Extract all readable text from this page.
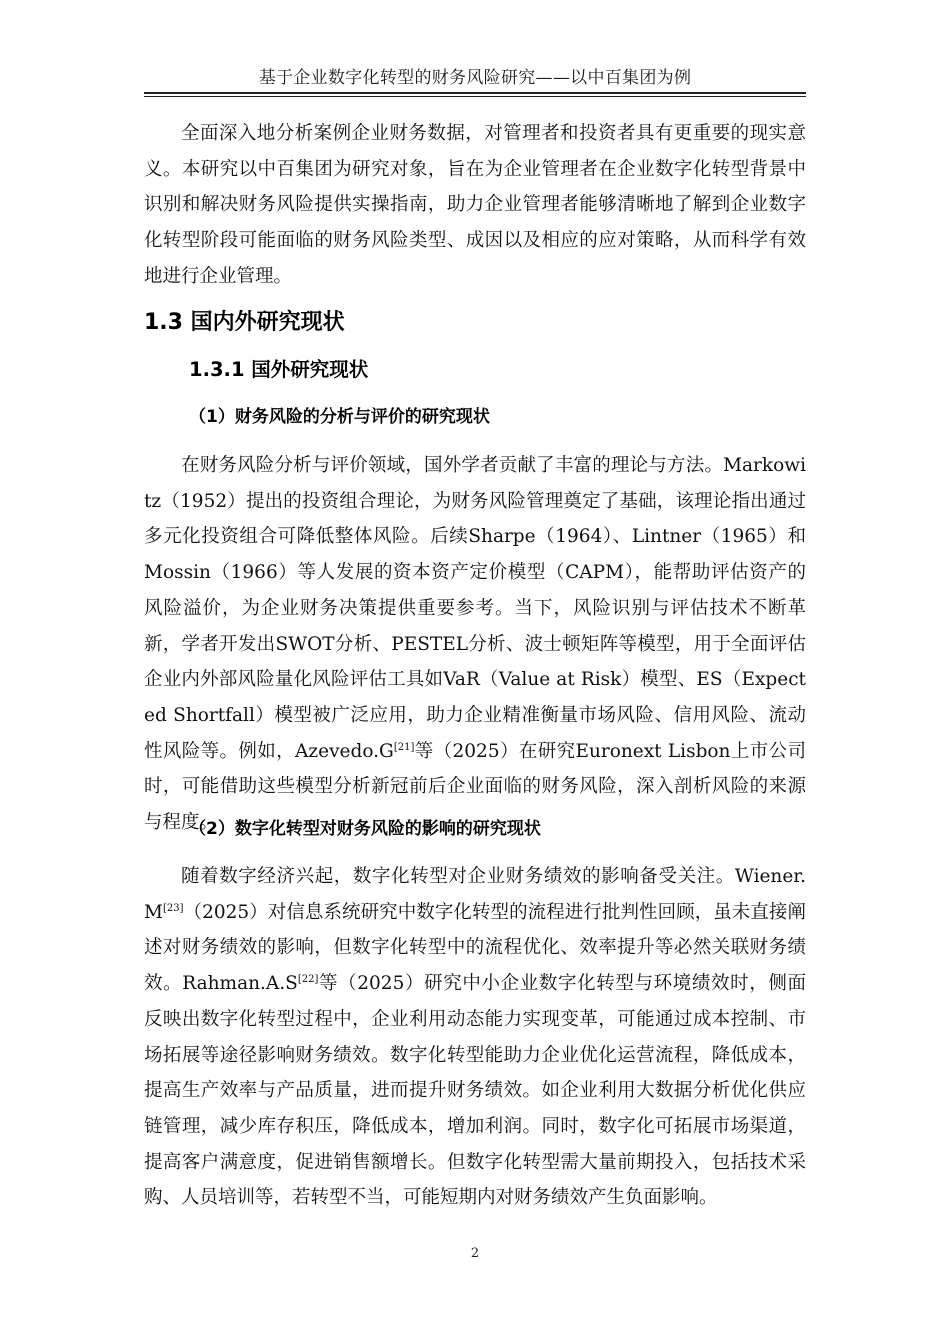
基于企业数字化转型的财务风险研究——以中百集团为例

全面深入地分析案例企业财务数据，对管理者和投资者具有更重要的现实意义。本研究以中百集团为研究对象，旨在为企业管理者在企业数字化转型背景中识别和解决财务风险提供实操指南，助力企业管理者能够清晰地了解到企业数字化转型阶段可能面临的财务风险类型、成因以及相应的应对策略，从而科学有效地进行企业管理。

1.3 国内外研究现状
1.3.1 国外研究现状
（1）财务风险的分析与评价的研究现状

在财务风险分析与评价领域，国外学者贡献了丰富的理论与方法。Markowitz（1952）提出的投资组合理论，为财务风险管理奠定了基础，该理论指出通过多元化投资组合可降低整体风险。后续Sharpe（1964）、Lintner（1965）和Mossin（1966）等人发展的资本资产定价模型（CAPM），能帮助评估资产的风险溢价，为企业财务决策提供重要参考。当下，风险识别与评估技术不断革新，学者开发出SWOT分析、PESTEL分析、波士顿矩阵等模型，用于全面评估企业内外部风险量化风险评估工具如VaR（Value at Risk）模型、ES（Expected Shortfall）模型被广泛应用，助力企业精准衡量市场风险、信用风险、流动性风险等。例如，Azevedo.G[21]等（2025）在研究Euronext Lisbon上市公司时，可能借助这些模型分析新冠前后企业面临的财务风险，深入剖析风险的来源与程度。

（2）数字化转型对财务风险的影响的研究现状

随着数字经济兴起，数字化转型对企业财务绩效的影响备受关注。Wiener.M[23]（2025）对信息系统研究中数字化转型的流程进行批判性回顾，虽未直接阐述对财务绩效的影响，但数字化转型中的流程优化、效率提升等必然关联财务绩效。Rahman.A.S[22]等（2025）研究中小企业数字化转型与环境绩效时，侧面反映出数字化转型过程中，企业利用动态能力实现变革，可能通过成本控制、市场拓展等途径影响财务绩效。数字化转型能助力企业优化运营流程，降低成本，提高生产效率与产品质量，进而提升财务绩效。如企业利用大数据分析优化供应链管理，减少库存积压，降低成本，增加利润。同时，数字化可拓展市场渠道，提高客户满意度，促进销售额增长。但数字化转型需大量前期投入，包括技术采购、人员培训等，若转型不当，可能短期内对财务绩效产生负面影响。

2
